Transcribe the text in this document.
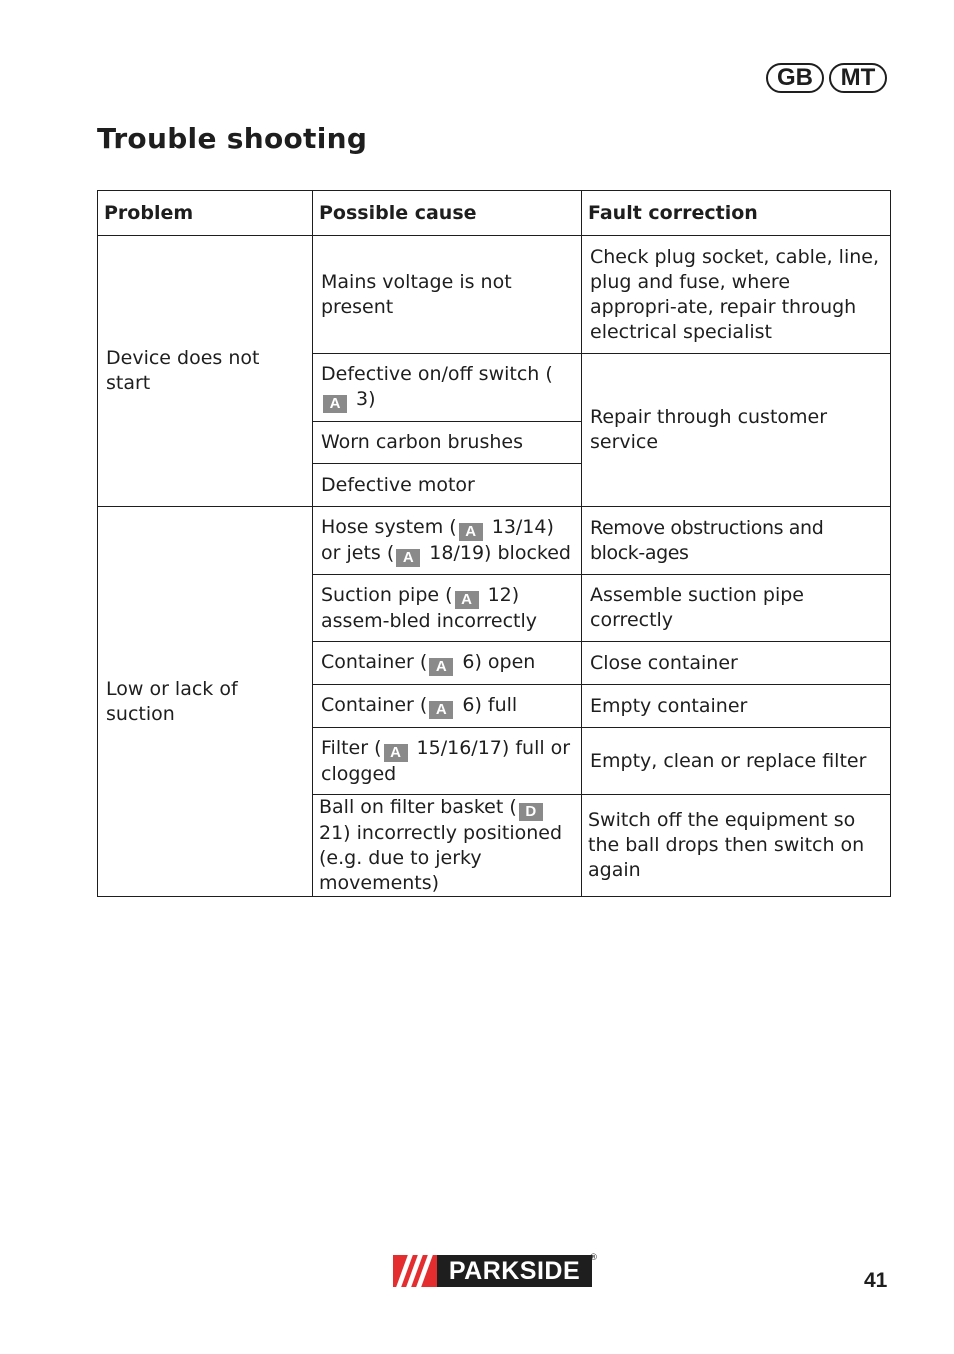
GB	MT
Trouble shooting
Problem	Possible cause	Fault correction
Device does not start	Mains voltage is not present	Check plug socket, cable, line, plug and fuse, where appropri-ate, repair through electrical specialist
	Defective on/off switch (A 3)	Repair through customer service
	Worn carbon brushes	
	Defective motor	
Low or lack of suction	Hose system ( A 13/14) or jets ( A 18/19) blocked	Remove obstructions and block-ages
	Suction pipe ( A 12) assem-bled incorrectly	Assemble suction pipe correctly
	Container ( A 6) open	Close container
	Container ( A 6) full	Empty container
	Filter ( A 15/16/17) full or clogged	Empty, clean or replace filter
	Ball on filter basket ( D 21) incorrectly positioned (e.g. due to jerky movements)	Switch off the equipment so the ball drops then switch on again
PARKSIDE ®
41
